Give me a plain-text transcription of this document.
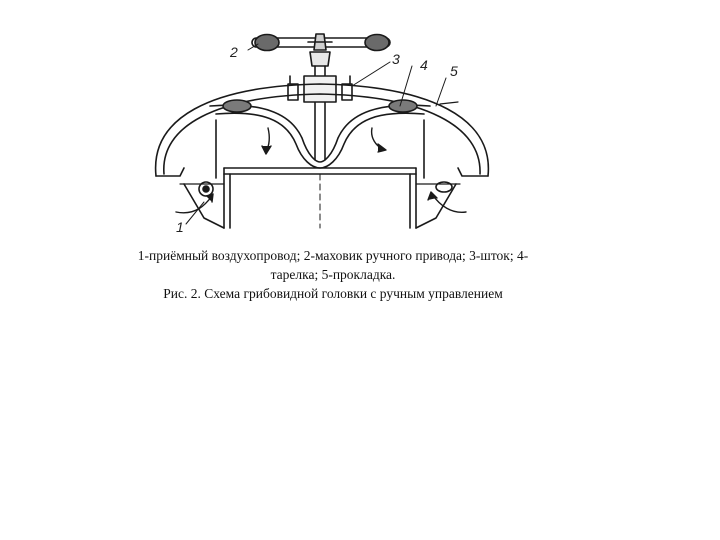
2	3 4 5
1

1-приёмный воздухопровод; 2-маховик ручного привода; 3-шток; 4-тарелка; 5-прокладка.

Рис. 2. Схема грибовидной головки с ручным управлением
